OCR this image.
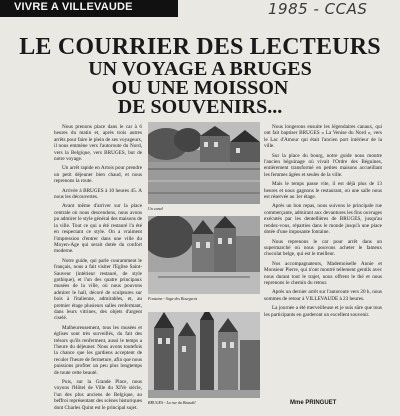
VIVRE A VILLEVAUDE	1985 - CCAS
LE COURRIER DES LECTEURS
UN VOYAGE A BRUGES
OU UNE MOISSON
DE SOUVENIRS...

Nous prenons place dans le car à 6 heures du matin et, après trois autres arrêts pour faire le plein de ses voyageurs, il nous emmène vers l'autoroute du Nord, vers la Belgique, vers BRUGES, but de notre voyage.

Un arrêt rapide en Artois pour prendre un petit déjeuner bien chaud, et nous reprenons la route.

Arrivée à BRUGES à 10 heures 45. A nous les découvertes.

Avant même d'arriver sur la place centrale où nous descendons, nous avons pu admirer le style général des maisons de la ville. Tout ce qui a été restauré l'a été en respectant ce style. On a vraiment l'impression d'entrer dans une ville du Moyen-Age qui serait dotée du confort moderne.

Notre guide, qui parle couramment le français, nous a fait visiter l'Eglise Saint-Sauveur (intérieur restauré, de style gothique), et l'un des quatre principaux musées de la ville, où nous pouvons admirer le hall, décoré de sculptures sur bois à l'italienne, admirables, et, au premier étage plusieurs salles renfermant, dans leurs vitrines, des objets d'argent ciselé.

Malheureusement, tous les musées et églises sont très surveillés, du fait des trésors qu'ils renferment, aussi le temps a l'heure du déjeuner. Nous avons toutefois la chance que les gardiens acceptent de reculer l'heure de fermeture, afin que nous puissions profiter un peu plus longtemps de toute cette beauté.

Puis, sur la Grande Place, nous voyons l'Hôtel de Ville du XIVe siècle, l'un des plus anciens de Belgique, au beffroi représentant des scènes historiques dont Charles Quint est le principal sujet.

Un canal
Fontaine - Sage des Bourgeois
BRUGES - La rue du Beaudil

Nous longerons ensuite les légendaires canaux, qui ont fait baptiser BRUGES « La Venise du Nord », vers le Lac d'Amour qui était l'ancien port intérieur de la ville.

Sur la place du bourg, notre guide nous montre l'ancien béguinage où vivait l'Ordre des Béguines, entièrement transformé en petites maisons accueillant les femmes âgées et seules de la ville.

Mais le temps passe vite, il est déjà plus de 13 heures et nous gagnons le restaurant, où une salle nous est réservée au 1er étage.

Après un bon repas, nous suivons le principale rue commerçante, admirant aux devantures les fins ouvrages exécutés par les dentellières de BRUGES, jusqu'au rendez-vous, réparties dans le monde jusqu'à une place dotée d'une imposante fontaine.

Nous reprenons le car pour arrêt dans un supermarché où nous pouvons acheter le fameux chocolat belge, qui est le meilleur.

Nos accompagnateurs, Mademoiselle Annie et Monsieur Pierre, qui n'ont montré tellement gentils avec nous durant tout le trajet, nous offrent le thé et nous reprenons le chemin du retour.

Après un dernier arrêt sur l'autoroute vers 20 h, nous sommes de retour à VILLEVAUDE à 23 heures.

La journée a été merveilleuse et je suis sûre que tous les participants en garderont un excellent souvenir.

Mme PRINGUET
